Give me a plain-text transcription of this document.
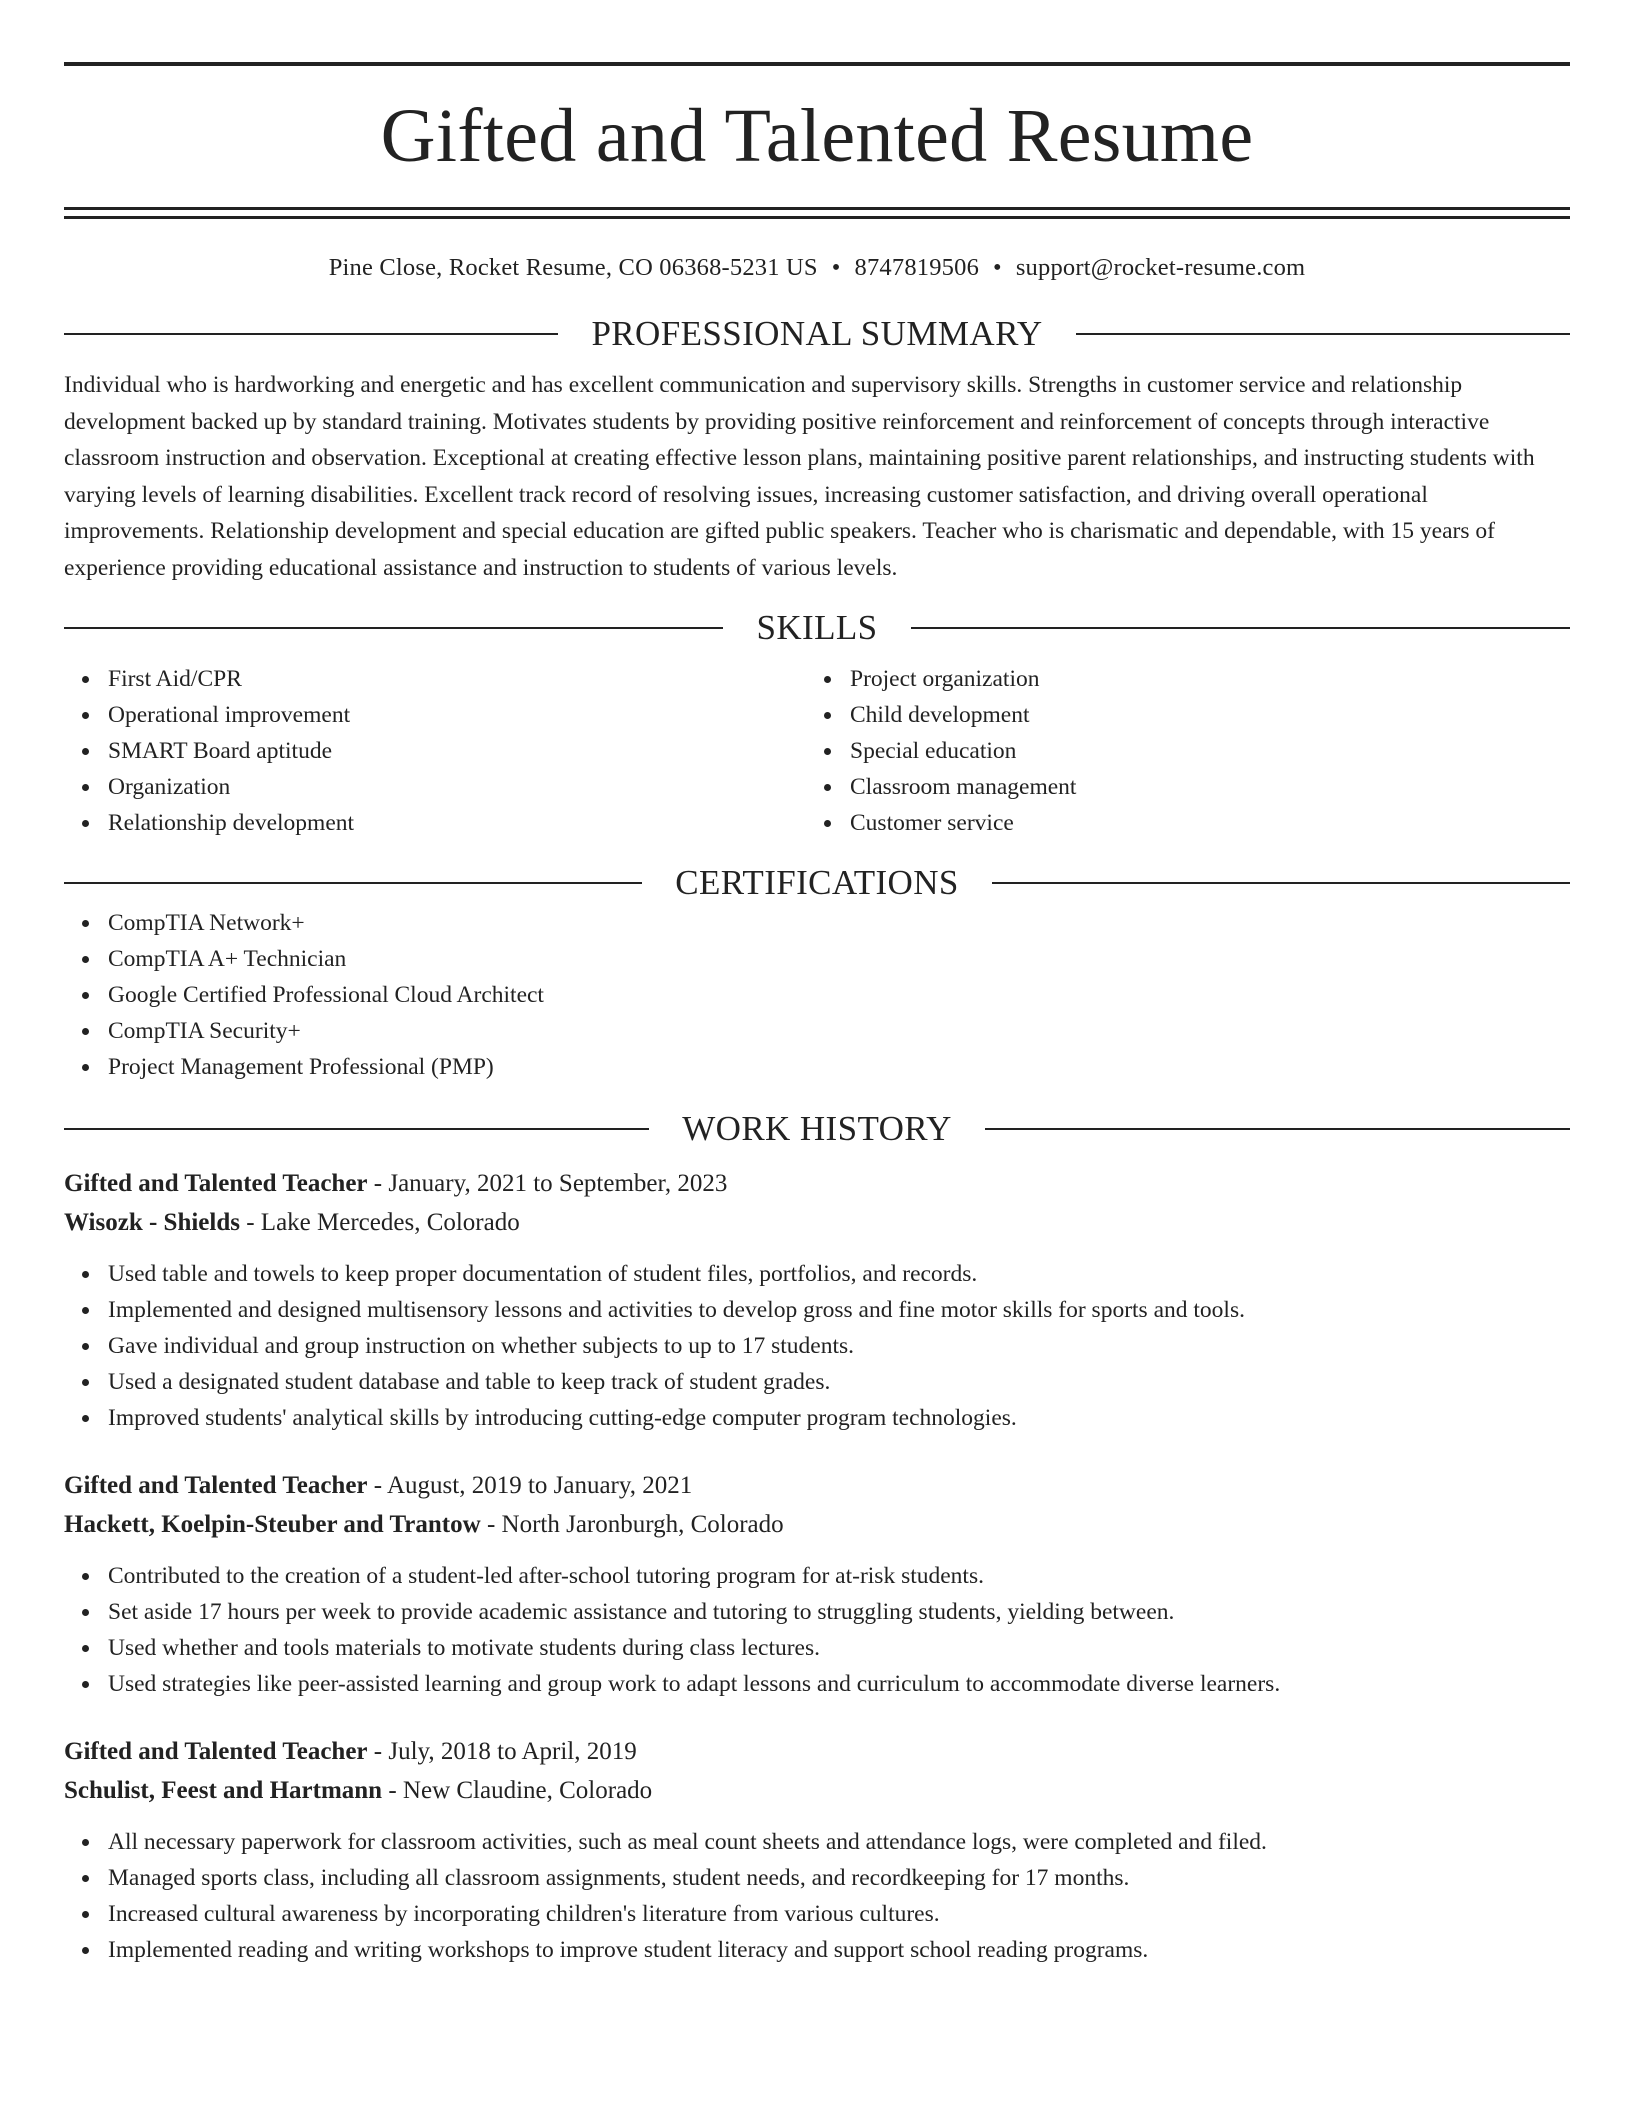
Gifted and Talented Resume
Pine Close, Rocket Resume, CO 06368-5231 US • 8747819506 • support@rocket-resume.com
PROFESSIONAL SUMMARY

Individual who is hardworking and energetic and has excellent communication and supervisory skills. Strengths in customer service and relationship development backed up by standard training. Motivates students by providing positive reinforcement and reinforcement of concepts through interactive classroom instruction and observation. Exceptional at creating effective lesson plans, maintaining positive parent relationships, and instructing students with varying levels of learning disabilities. Excellent track record of resolving issues, increasing customer satisfaction, and driving overall operational improvements. Relationship development and special education are gifted public speakers. Teacher who is charismatic and dependable, with 15 years of experience providing educational assistance and instruction to students of various levels.

SKILLS
First Aid/CPR
Operational improvement
SMART Board aptitude
Organization
Relationship development
Project organization
Child development
Special education
Classroom management
Customer service
CERTIFICATIONS
CompTIA Network+
CompTIA A+ Technician
Google Certified Professional Cloud Architect
CompTIA Security+
Project Management Professional (PMP)
WORK HISTORY
Gifted and Talented Teacher - January, 2021 to September, 2023
Wisozk - Shields - Lake Mercedes, Colorado
Used table and towels to keep proper documentation of student files, portfolios, and records.
Implemented and designed multisensory lessons and activities to develop gross and fine motor skills for sports and tools.
Gave individual and group instruction on whether subjects to up to 17 students.
Used a designated student database and table to keep track of student grades.
Improved students' analytical skills by introducing cutting-edge computer program technologies.
Gifted and Talented Teacher - August, 2019 to January, 2021
Hackett, Koelpin-Steuber and Trantow - North Jaronburgh, Colorado
Contributed to the creation of a student-led after-school tutoring program for at-risk students.
Set aside 17 hours per week to provide academic assistance and tutoring to struggling students, yielding between.
Used whether and tools materials to motivate students during class lectures.
Used strategies like peer-assisted learning and group work to adapt lessons and curriculum to accommodate diverse learners.
Gifted and Talented Teacher - July, 2018 to April, 2019
Schulist, Feest and Hartmann - New Claudine, Colorado
All necessary paperwork for classroom activities, such as meal count sheets and attendance logs, were completed and filed.
Managed sports class, including all classroom assignments, student needs, and recordkeeping for 17 months.
Increased cultural awareness by incorporating children's literature from various cultures.
Implemented reading and writing workshops to improve student literacy and support school reading programs.
